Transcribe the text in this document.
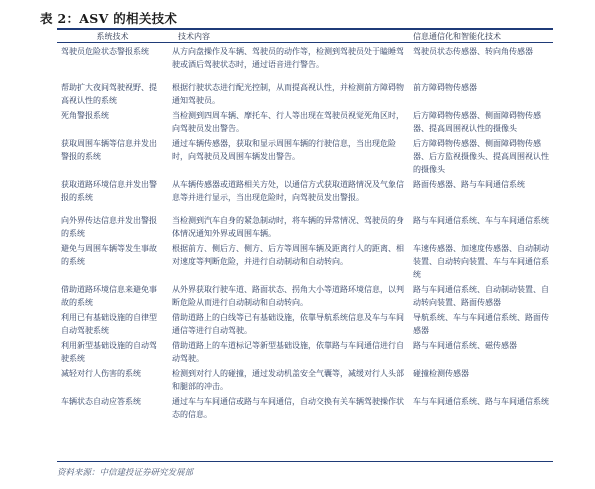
表 2：ASV 的相关技术
系统技术	技术内容	信息通信化和智能化技术
驾驶员危险状态警报系统	从方向盘操作及车辆、驾驶员的动作等，检测到驾驶员处于瞌睡驾驶或酒后驾驶状态时，通过语音进行警告。	驾驶员状态传感器、转向角传感器
帮助扩大夜间驾驶视野、提高视认性的系统	根据行驶状态进行配光控制，从而提高视认性，并检测前方障碍物通知驾驶员。	前方障碍物传感器
死角警报系统	当检测到四周车辆、摩托车、行人等出现在驾驶员视觉死角区时，向驾驶员发出警告。	后方障碍物传感器、侧面障碍物传感器、提高周围视认性的摄像头
获取周围车辆等信息并发出警报的系统	通过车辆传感器，获取和显示周围车辆的行驶信息，当出现危险时，向驾驶员及周围车辆发出警告。	后方障碍物传感器、侧面障碍物传感器、后方监视摄像头、提高周围视认性的摄像头
获取道路环境信息并发出警报的系统	从车辆传感器或道路相关方处，以通信方式获取道路情况及气象信息等并进行显示，当出现危险时，向驾驶员发出警报。	路面传感器、路与车间通信系统
向外界传达信息并发出警报的系统	当检测到汽车自身的紧急制动时，将车辆的异常情况、驾驶员的身体情况通知外界或周围车辆。	路与车间通信系统、车与车间通信系统
避免与周围车辆等发生事故的系统	根据前方、侧后方、侧方、后方等周围车辆及距离行人的距离、相对速度等判断危险，并进行自动制动和自动转向。	车速传感器、加速度传感器、自动制动装置、自动转向装置、车与车间通信系统
借助道路环境信息来避免事故的系统	从外界获取行驶车道、路面状态、拐角大小等道路环境信息，以判断危险从而进行自动制动和自动转向。	路与车间通信系统、自动制动装置、自动转向装置、路面传感器
利用已有基础设施的自律型自动驾驶系统	借助道路上的白线等已有基础设施，依靠导航系统信息及车与车间通信等进行自动驾驶。	导航系统、车与车间通信系统、路面传感器
利用新型基础设施的自动驾驶系统	借助道路上的车道标记等新型基础设施，依靠路与车间通信进行自动驾驶。	路与车间通信系统、磁传感器
减轻对行人伤害的系统	检测到对行人的碰撞，通过发动机盖安全气囊等，减缓对行人头部和腿部的冲击。	碰撞检测传感器
车辆状态自动应答系统	通过车与车间通信或路与车间通信，自动交换有关车辆驾驶操作状态的信息。	车与车间通信系统、路与车间通信系统
资料来源：中信建投证券研究发展部
